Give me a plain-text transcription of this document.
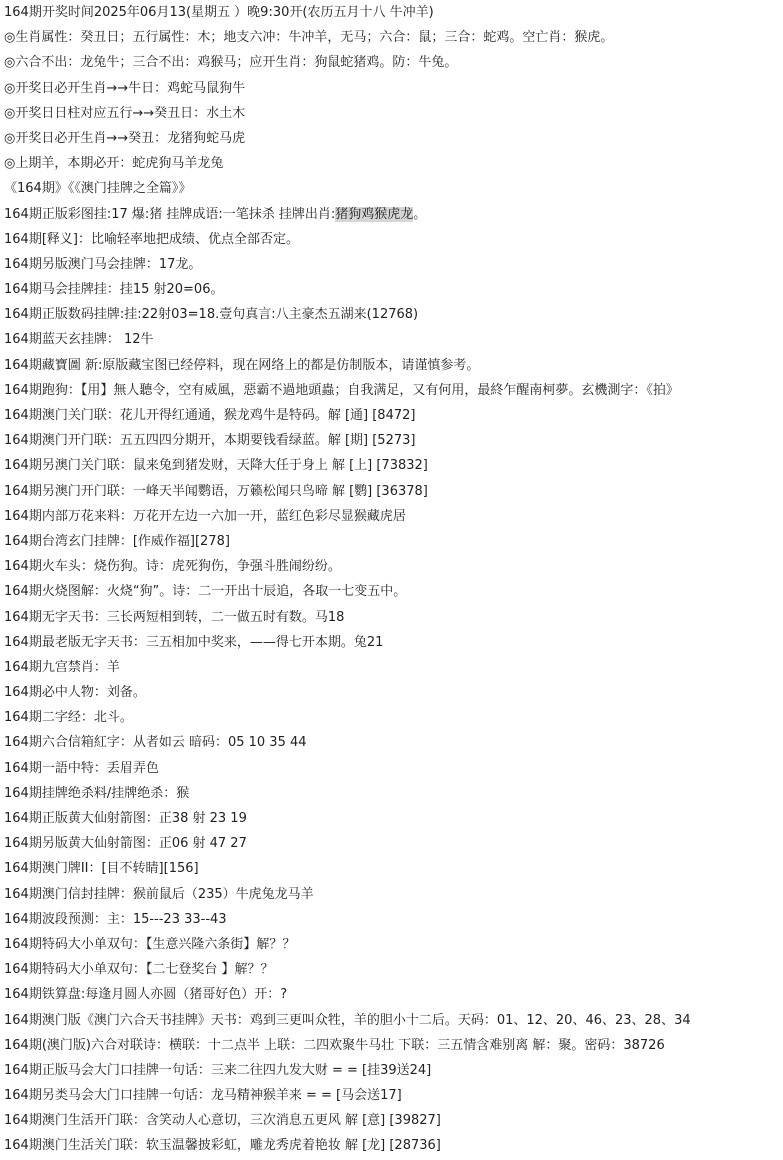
164期开奖时间2025年06月13(星期五 ）晚9:30开(农历五月十八 牛冲羊)
◎生肖属性：癸丑日；五行属性：木；地支六冲：牛冲羊，无马；六合：鼠；三合：蛇鸡。空亡肖：猴虎。
◎六合不出：龙兔牛；三合不出：鸡猴马；应开生肖：狗鼠蛇猪鸡。防：牛兔。
◎开奖日必开生肖→→牛日：鸡蛇马鼠狗牛
◎开奖日日柱对应五行→→癸丑日：水土木
◎开奖日必开生肖→→癸丑：龙猪狗蛇马虎
◎上期羊，本期必开：蛇虎狗马羊龙兔
《164期》《《澳门挂牌之全篇》》
164期正版彩图挂:17 爆:猪 挂牌成语:一笔抹杀 挂牌出肖:猪狗鸡猴虎龙。
164期[释义]：比喻轻率地把成绩、优点全部否定。
164期另版澳门马会挂牌：17龙。
164期马会挂牌挂：挂15 射20=06。
164期正版数码挂牌:挂:22射03=18.壹句真言:八主豪杰五湖来(12768)
164期蓝天玄挂牌： 12牛
164期藏寶圖 新:原版藏宝图已经停料，现在网络上的都是仿制版本，请谨慎参考。
164期跑狗：【用】無人聽令，空有威風，惡霸不過地頭蟲；自我满足，又有何用，最終乍醒南柯夢。玄機測字：《拍》
164期澳门关门联：花儿开得红通通，猴龙鸡牛是特码。解 [通] [8472]
164期澳门开门联：五五四四分期开，本期要钱看绿蓝。解 [期] [5273]
164期另澳门关门联：鼠来兔到猪发财，天降大任于身上 解 [上] [73832]
164期另澳门开门联：一峰天半闻鹦语，万籁松闻只鸟啼 解 [鹦] [36378]
164期内部万花来料：万花开左边一六加一开，蓝红色彩尽显猴藏虎居
164期台湾玄门挂牌：[作威作福][278]
164期火车头：烧伤狗。诗：虎死狗伤，争强斗胜闹纷纷。
164期火烧图解：火烧“狗”。诗：二一开出十辰追，各取一七变五中。
164期无字天书：三长两短相到转，二一做五时有数。马18
164期最老版无字天书：三五相加中奖来，——得七开本期。兔21
164期九宫禁肖：羊
164期必中人物：刘备。
164期二字经：北斗。
164期六合信箱紅字：从者如云 暗码：05 10 35 44
164期一語中特：丢眉弄色
164期挂牌绝杀料/挂牌绝杀：猴
164期正版黄大仙射箭图：正38 射 23 19
164期另版黄大仙射箭图：正06 射 47 27
164期澳门牌II：[目不转睛][156]
164期澳门信封挂牌：猴前鼠后（235）牛虎兔龙马羊
164期波段预测：主：15---23 33--43
164期特码大小单双句：【生意兴隆六条街】解？？
164期特码大小单双句：【二七登奖台 】解？？
164期铁算盘:每逢月圆人亦圆（猪哥好色）开：?
164期澳门版《澳门六合天书挂牌》天书：鸡到三更叫众牲，羊的胆小十二后。天码：01、12、20、46、23、28、34
164期(澳门版)六合对联诗：横联：十二点半 上联：二四欢聚牛马壮 下联：三五情含难别离 解：聚。密码：38726
164期正版马会大门口挂牌一句话：三来二往四九发大财 = = [挂39送24]
164期另类马会大门口挂牌一句话：龙马精神猴羊来 = = [马会送17]
164期澳门生活开门联：含笑动人心意切，三次消息五更风 解 [意] [39827]
164期澳门生活关门联：软玉温馨披彩虹，雕龙秀虎着艳妆 解 [龙] [28736]
